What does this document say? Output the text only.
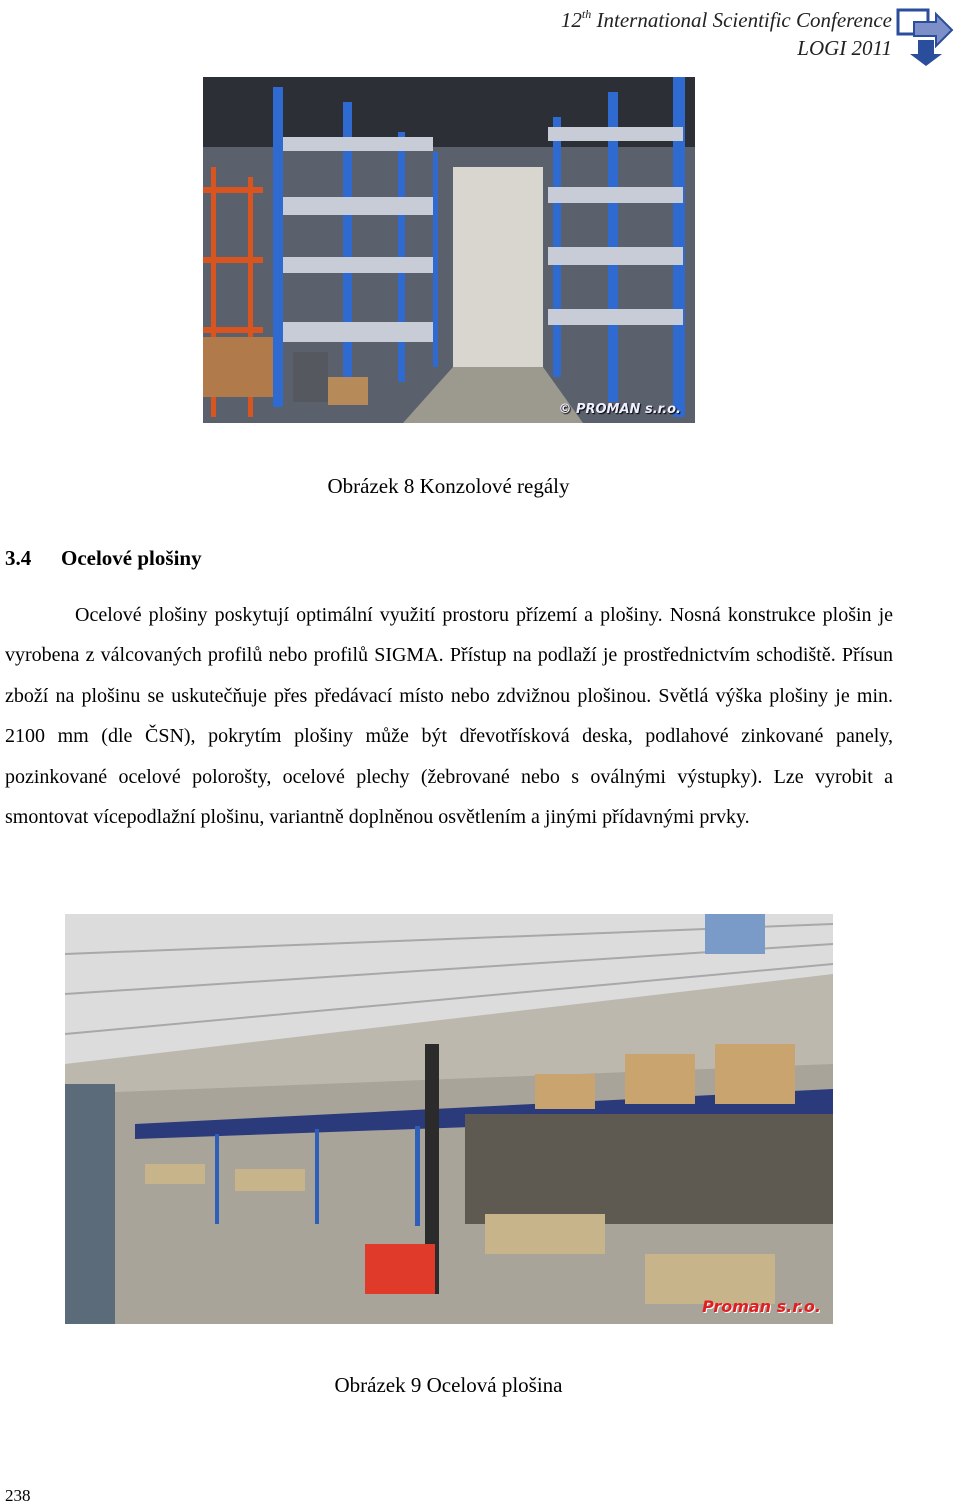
12th International Scientific Conference
LOGI 2011
© PROMAN s.r.o.
Obrázek 8 Konzolové regály
3.4 Ocelové plošiny
Ocelové plošiny poskytují optimální využití prostoru přízemí a plošiny. Nosná konstrukce plošin je vyrobena z válcovaných profilů nebo profilů SIGMA. Přístup na podlaží je prostřednictvím schodiště. Přísun zboží na plošinu se uskutečňuje přes předávací místo nebo zdvižnou plošinou. Světlá výška plošiny je min. 2100 mm (dle ČSN), pokrytím plošiny může být dřevotřísková deska, podlahové zinkované panely, pozinkované ocelové polorošty, ocelové plechy (žebrované nebo s oválnými výstupky). Lze vyrobit a smontovat vícepodlažní plošinu, variantně doplněnou osvětlením a jinými přídavnými prvky.
Proman s.r.o.
Obrázek 9 Ocelová plošina
238
